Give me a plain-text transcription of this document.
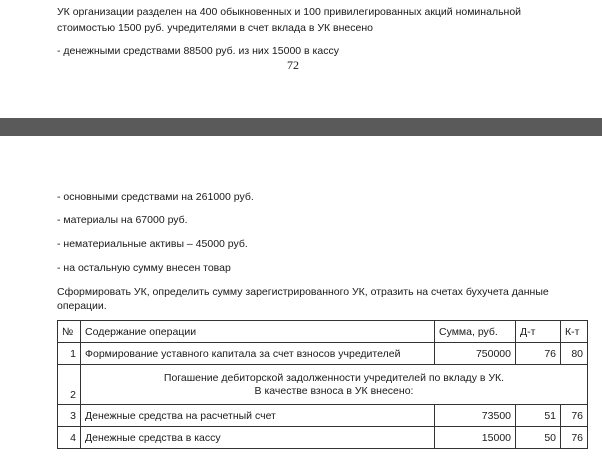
УК организации разделен на 400 обыкновенных и 100 привилегированных акций номинальной
стоимостью 1500 руб. учредителями в счет вклада в УК внесено
- денежными средствами 88500 руб. из них 15000 в кассу
72
- основными средствами на 261000 руб.
- материалы на 67000 руб.
- нематериальные активы – 45000 руб.
- на остальную сумму внесен товар
Сформировать УК, определить сумму зарегистрированного УК, отразить на счетах бухучета данные
операции.
№	Содержание операции	Сумма, руб.	Д-т	К-т
1	Формирование уставного капитала за счет взносов учредителей	750000	76	80
2	Погашение дебиторской задолженности учредителей по вкладу в УК.
В качестве взноса в УК внесено:			

3	Денежные средства на расчетный счет	73500	51	76
4	Денежные средства в кассу	15000	50	76
